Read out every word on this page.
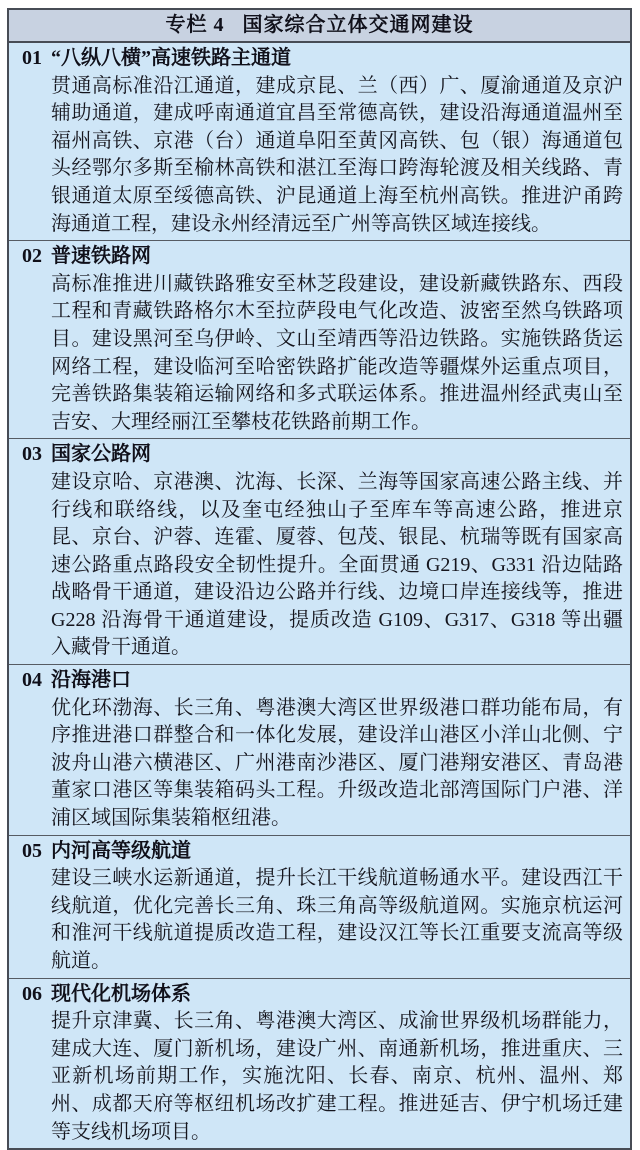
专栏 4 国家综合立体交通网建设
01 “八纵八横”高速铁路主通道

贯通高标准沿江通道，建成京昆、兰（西）广、厦渝通道及京沪辅助通道，建成呼南通道宜昌至常德高铁，建设沿海通道温州至福州高铁、京港（台）通道阜阳至黄冈高铁、包（银）海通道包头经鄂尔多斯至榆林高铁和湛江至海口跨海轮渡及相关线路、青银通道太原至绥德高铁、沪昆通道上海至杭州高铁。推进沪甬跨海通道工程，建设永州经清远至广州等高铁区域连接线。

02 普速铁路网

高标准推进川藏铁路雅安至林芝段建设，建设新藏铁路东、西段工程和青藏铁路格尔木至拉萨段电气化改造、波密至然乌铁路项目。建设黑河至乌伊岭、文山至靖西等沿边铁路。实施铁路货运网络工程，建设临河至哈密铁路扩能改造等疆煤外运重点项目，完善铁路集装箱运输网络和多式联运体系。推进温州经武夷山至吉安、大理经丽江至攀枝花铁路前期工作。

03 国家公路网

建设京哈、京港澳、沈海、长深、兰海等国家高速公路主线、并行线和联络线，以及奎屯经独山子至库车等高速公路，推进京昆、京台、沪蓉、连霍、厦蓉、包茂、银昆、杭瑞等既有国家高速公路重点路段安全韧性提升。全面贯通 G219、G331 沿边陆路战略骨干通道，建设沿边公路并行线、边境口岸连接线等，推进 G228 沿海骨干通道建设，提质改造 G109、G317、G318 等出疆入藏骨干通道。

04 沿海港口

优化环渤海、长三角、粤港澳大湾区世界级港口群功能布局，有序推进港口群整合和一体化发展，建设洋山港区小洋山北侧、宁波舟山港六横港区、广州港南沙港区、厦门港翔安港区、青岛港董家口港区等集装箱码头工程。升级改造北部湾国际门户港、洋浦区域国际集装箱枢纽港。

05 内河高等级航道

建设三峡水运新通道，提升长江干线航道畅通水平。建设西江干线航道，优化完善长三角、珠三角高等级航道网。实施京杭运河和淮河干线航道提质改造工程，建设汉江等长江重要支流高等级航道。

06 现代化机场体系

提升京津冀、长三角、粤港澳大湾区、成渝世界级机场群能力，建成大连、厦门新机场，建设广州、南通新机场，推进重庆、三亚新机场前期工作，实施沈阳、长春、南京、杭州、温州、郑州、成都天府等枢纽机场改扩建工程。推进延吉、伊宁机场迁建等支线机场项目。
